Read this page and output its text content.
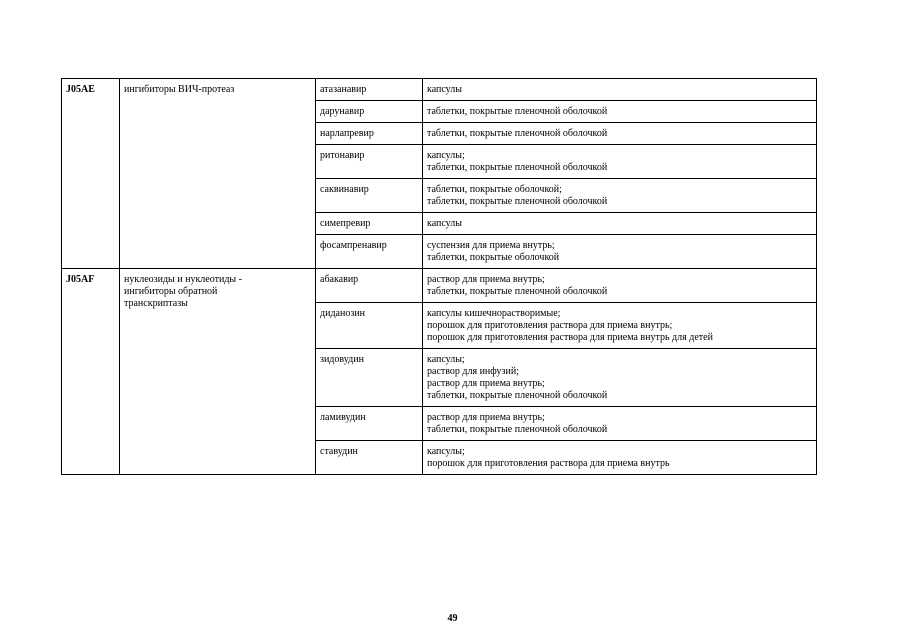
J05AE	ингибиторы ВИЧ-протеаз	атазанавир	капсулы

		дарунавир	таблетки, покрытые пленочной оболочкой

		нарлапревир	таблетки, покрытые пленочной оболочкой

		ритонавир	капсулы;
таблетки, покрытые пленочной оболочкой

		саквинавир	таблетки, покрытые оболочкой;
таблетки, покрытые пленочной оболочкой

		симепревир	капсулы

		фосампренавир	суспензия для приема внутрь;
таблетки, покрытые оболочкой

J05AF	нуклеозиды и нуклеотиды -
ингибиторы обратной
транскриптазы	абакавир	раствор для приема внутрь;
таблетки, покрытые пленочной оболочкой

		диданозин	капсулы кишечнорастворимые;
порошок для приготовления раствора для приема внутрь;
порошок для приготовления раствора для приема внутрь для детей

		зидовудин	капсулы;
раствор для инфузий;
раствор для приема внутрь;
таблетки, покрытые пленочной оболочкой

		ламивудин	раствор для приема внутрь;
таблетки, покрытые пленочной оболочкой

		ставудин	капсулы;
порошок для приготовления раствора для приема внутрь
49
